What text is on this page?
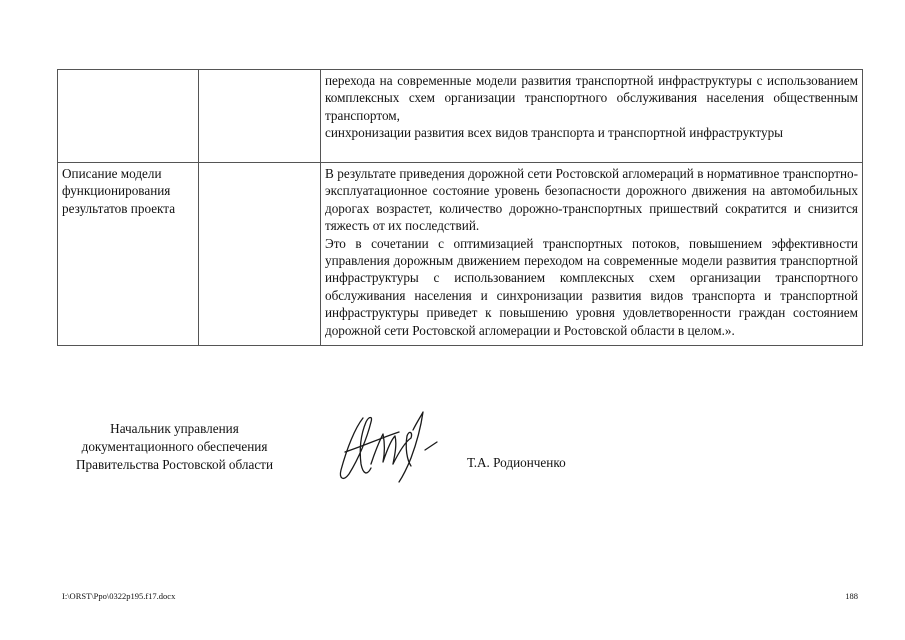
		перехода на современные модели развития транспортной инфраструктуры с использованием комплексных схем организации транспортного обслуживания населения общественным транспортом,

синхронизации развития всех видов транспорта и транспортной инфраструктуры

Описание модели функционирования результатов проекта		В результате приведения дорожной сети Ростовской агломераций в нормативное транспортно-эксплуатационное состояние уровень безопасности дорожного движения на автомобильных дорогах возрастет, количество дорожно-транспортных пришествий сократится и снизится тяжесть от их последствий.

Это в сочетании с оптимизацией транспортных потоков, повышением эффективности управления дорожным движением переходом на современные модели развития транспортной инфраструктуры с использованием комплексных схем организации транспортного обслуживания населения и синхронизации развития видов транспорта и транспортной инфраструктуры приведет к повышению уровня удовлетворенности граждан состоянием дорожной сети Ростовской агломерации и Ростовской области в целом.».

Начальник управления
документационного обеспечения
Правительства Ростовской области	Т.А. Родионченко
I:\ORST\Ppo\0322p195.f17.docx	188
